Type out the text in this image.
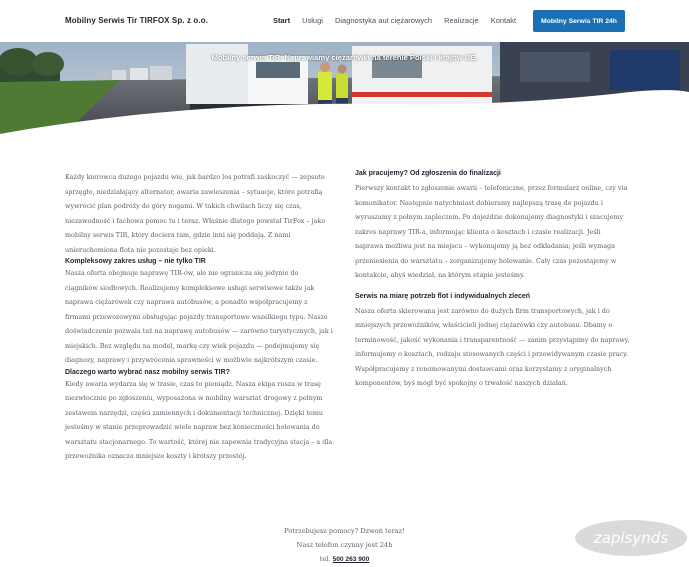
Mobilny Serwis Tir TIRFOX Sp. z o.o.	Start Usługi Diagnostyka aut ciężarowych Realizacje Kontakt	Mobilny Serwis TIR 24h
Mobilny serwis TIR. Naprawiamy ciężarówki na terenie Polski i krajów UE.

Każdy kierowca dużego pojazdu wie, jak bardzo los potrafi zaskoczyć — zepsute sprzęgło, niedziałający alternator, awaria zawieszenia – sytuacje, które potrafią wywrócić plan podróży do góry nogami. W takich chwilach liczy się czas, niezawodność i fachowa pomoc tu i teraz. Właśnie dlatego powstał TirFox – jako mobilny serwis TIR, który dociera tam, gdzie inni się poddają. Z nami unieruchomiona flota nie pozostaje bez opieki.

Kompleksowy zakres usług – nie tylko TIR

Nasza oferta obejmuje naprawę TIR-ów, ale nie ogranicza się jedynie do ciągników siodłowych. Realizujemy kompleksowe usługi serwisowe także jak naprawa ciężarówek czy naprawa autobusów, a ponadto współpracujemy z firmami przewozowymi obsługując pojazdy transportowe wszelkiego typu. Nasze doświadczenie pozwala też na naprawę autobusów — zarówno turystycznych, jak i miejskich. Bez względu na model, markę czy wiek pojazdu — podejmujemy się diagnozy, naprawy i przywrócenia sprawności w możliwie najkrótszym czasie.

Dlaczego warto wybrać nasz mobilny serwis TIR?

Kiedy awaria wydarza się w trasie, czas to pieniądz. Nasza ekipa rusza w trasę niezwłocznie po zgłoszeniu, wyposażona w mobilny warsztat drogowy z pełnym zestawem narzędzi, części zamiennych i dokumentacji technicznej. Dzięki temu jesteśmy w stanie przeprowadzić wiele napraw bez konieczności holowania do warsztatu stacjonarnego. To wartość, której nie zapewnia tradycyjna stacja – a dla przewoźnika oznacza mniejsze koszty i krótszy przestój.

Jak pracujemy? Od zgłoszenia do finalizacji

Pierwszy kontakt to zgłoszenie awarii – telefoniczne, przez formularz online, czy via komunikator. Następnie natychmiast dobieramy najlepszą trasę do pojazdu i wyruszamy z pełnym zapleczem. Po dojeździe dokonujemy diagnostyki i szacujemy zakres naprawy TIR-a, informując klienta o kosztach i czasie realizacji. Jeśli naprawa możliwa jest na miejscu – wykonujemy ją bez odkładania; jeśli wymaga przeniesienia do warsztatu – zorganizujemy holowanie. Cały czas pozostajemy w kontakcie, abyś wiedział, na którym etapie jesteśmy.

Serwis na miarę potrzeb flot i indywidualnych zleceń

Nasza oferta skierowana jest zarówno do dużych firm transportowych, jak i do mniejszych przewoźników, właścicieli jednej ciężarówki czy autobusu. Dbamy o terminowość, jakość wykonania i transparentność — zanim przystąpimy do naprawy, informujemy o kosztach, rodzaju stosowanych części i przewidywanym czasie pracy. Współpracujemy z renomowanymi dostawcami oraz korzystamy z oryginalnych komponentów, byś mógł być spokojny o trwałość naszych działań.

Potrzebujesz pomocy? Dzwoń teraz!
Nasz telefon czynny jest 24h
tel. 500 263 900
zapisynds
